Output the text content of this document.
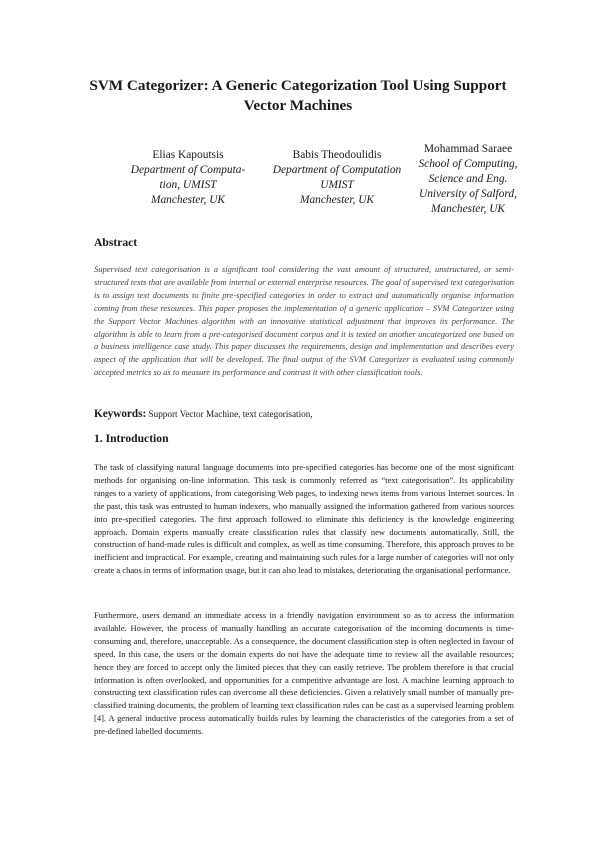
SVM Categorizer: A Generic Categorization Tool Using Support Vector Machines
Elias Kapoutsis
Department of Computa-tion, UMIST
Manchester, UK
Babis Theodoulidis
Department of Computation UMIST
Manchester, UK
Mohammad Saraee
School of Computing, Science and Eng. University of Salford,
Manchester, UK
Abstract
Supervised text categorisation is a significant tool considering the vast amount of structured, unstructured, or semi-structured texts that are available from internal or external enterprise resources. The goal of supervised text categorisation is to assign text documents to finite pre-specified categories in order to extract and automatically organise information coming from these resources. This paper proposes the implementation of a generic application – SVM Categorizer using the Support Vector Machines algorithm with an innovative statistical adjustment that improves its performance. The algorithm is able to learn from a pre-categorised document corpus and it is tested on another uncategorized one based on a business intelligence case study. This paper discusses the requirements, design and implementation and describes every aspect of the application that will be developed. The final output of the SVM Categorizer is evaluated using commonly accepted metrics so as to measure its performance and contrast it with other classification tools.
Keywords: Support Vector Machine, text categorisation,
1. Introduction
The task of classifying natural language documents into pre-specified categories has become one of the most significant methods for organising on-line information. This task is commonly referred as “text categorisation”. Its applicability ranges to a variety of applications, from categorising Web pages, to indexing news items from various Internet sources. In the past, this task was entrusted to human indexers, who manually assigned the information gathered from various sources into pre-specified categories. The first approach followed to eliminate this deficiency is the knowledge engineering approach. Domain experts manually create classification rules that classify new documents automatically. Still, the construction of hand-made rules is difficult and complex, as well as time consuming. Therefore, this approach proves to be inefficient and impractical. For example, creating and maintaining such rules for a large number of categories will not only create a chaos in terms of information usage, but it can also lead to mistakes, deteriorating the organisational performance.
Furthermore, users demand an immediate access in a friendly navigation environment so as to access the information available. However, the process of manually handling an accurate categorisation of the incoming documents is time-consuming and, therefore, unacceptable. As a consequence, the document classification step is often neglected in favour of speed. In this case, the users or the domain experts do not have the adequate time to review all the available resources; hence they are forced to accept only the limited pieces that they can easily retrieve. The problem therefore is that crucial information is often overlooked, and opportunities for a competitive advantage are lost. A machine learning approach to constructing text classification rules can overcome all these deficiencies. Given a relatively small number of manually pre-classified training documents, the problem of learning text classification rules can be cast as a supervised learning problem [4]. A general inductive process automatically builds rules by learning the characteristics of the categories from a set of pre-defined labelled documents.
